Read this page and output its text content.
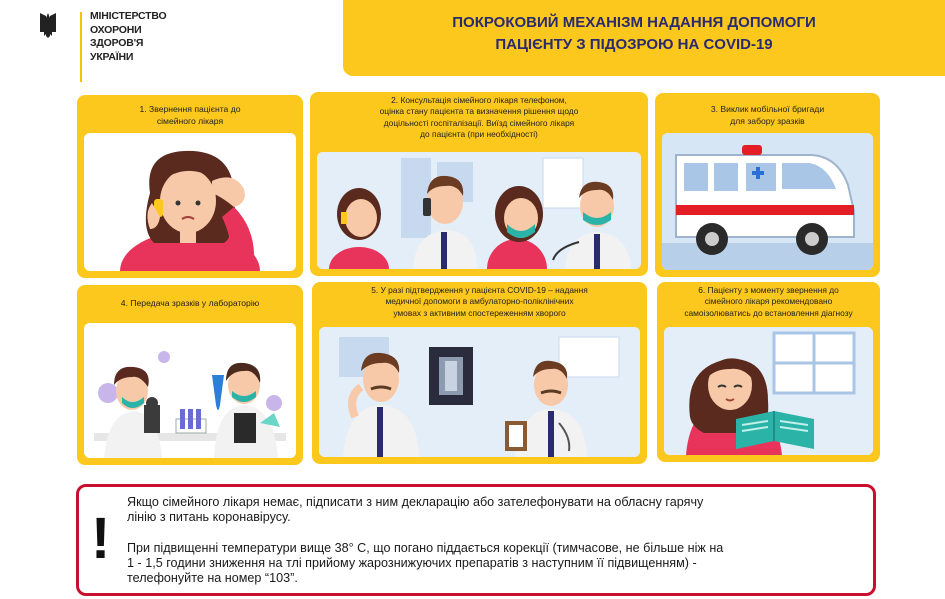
МІНІСТЕРСТВО
ОХОРОНИ
ЗДОРОВ'Я
УКРАЇНИ
ПОКРОКОВИЙ МЕХАНІЗМ НАДАННЯ ДОПОМОГИ
ПАЦІЄНТУ З ПІДОЗРОЮ НА COVID-19
1. Звернення пацієнта до
сімейного лікаря
2. Консультація сімейного лікаря телефоном,
оцінка стану пацієнта та визначення рішення щодо
доцільності госпіталізації. Виїзд сімейного лікаря
до пацієнта (при необхідності)
3. Виклик мобільної бригади
для забору зразків
4. Передача зразків у лабораторію
5. У разі підтвердження у пацієнта COVID-19 – надання
медичної допомоги в амбулаторно-поліклінічних
умовах з активним спостереженням хворого
6. Пацієнту з моменту звернення до
сімейного лікаря рекомендовано
самоізолюватись до встановлення діагнозу
!
Якщо сімейного лікаря немає, підписати з ним декларацію або зателефонувати на обласну гарячу
лінію з питань коронавірусу.
При підвищенні температури вище 38° С, що погано піддається корекції (тимчасове, не більше ніж на
1 - 1,5 години зниження на тлі прийому жарознижуючих препаратів з наступним її підвищенням) -
телефонуйте на номер “103”.
